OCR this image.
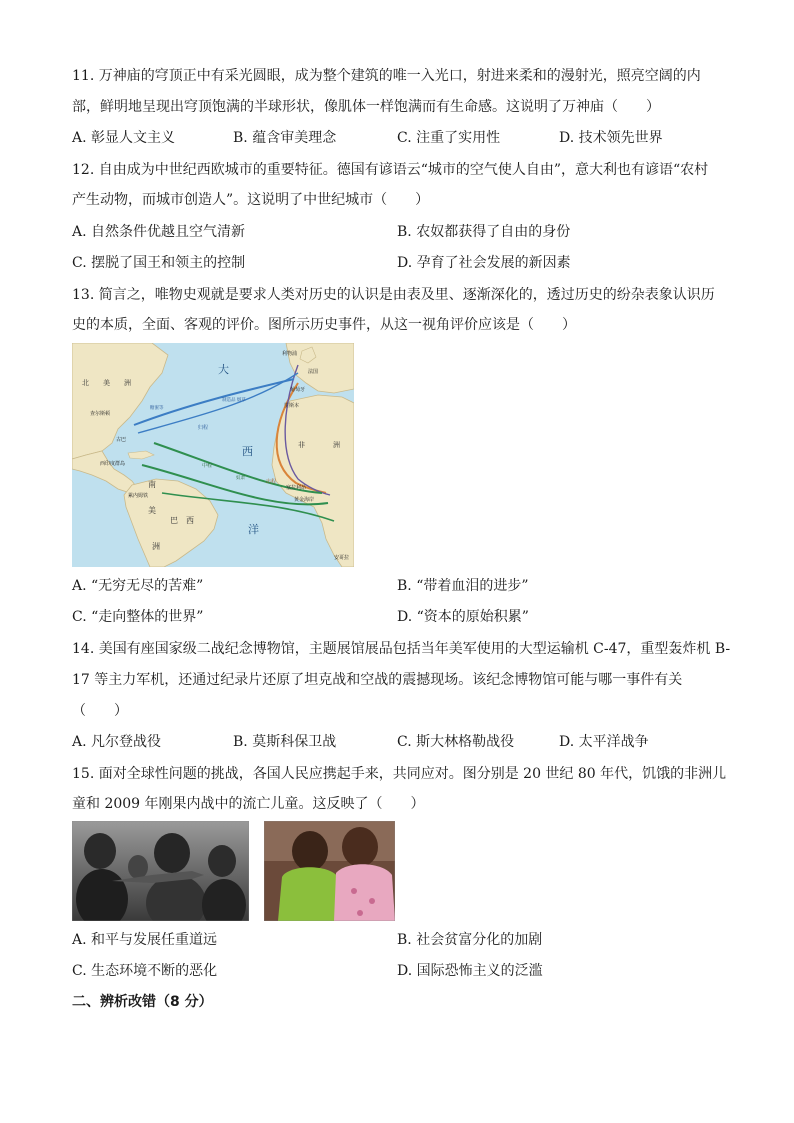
11. 万神庙的穹顶正中有采光圆眼，成为整个建筑的唯一入光口，射进来柔和的漫射光，照亮空阔的内
部，鲜明地呈现出穹顶饱满的半球形状，像肌体一样饱满而有生命感。这说明了万神庙（　　）
A. 彰显人文主义	B. 蕴含审美理念	C. 注重了实用性	D. 技术领先世界
12. 自由成为中世纪西欧城市的重要特征。德国有谚语云“城市的空气使人自由”，意大利也有谚语“农村
产生动物，而城市创造人”。这说明了中世纪城市（　　）
A. 自然条件优越且空气清新	B. 农奴都获得了自由的身份
C. 摆脱了国王和领主的控制	D. 孕育了社会发展的新因素
13. 简言之，唯物史观就是要求人类对历史的认识是由表及里、逐渐深化的，透过历史的纷杂表象认识历
史的本质，全面、客观的评价。图所示历史事件，从这一视角评价应该是（　　）
北　　美　　洲
大
西
洋
非　　　　洲
南
美
洲
巴　西
利物浦
法国
葡萄牙
里斯本
查尔斯顿
古巴
西印度群岛
累内姆铁
塞拉利昂
黄金海岸
安哥拉
归程
中程
出程
糖蜜等
制造品 烟草
奴隶
A. “无穷无尽的苦难”	B. “带着血泪的进步”
C. “走向整体的世界”	D. “资本的原始积累”
14. 美国有座国家级二战纪念博物馆，主题展馆展品包括当年美军使用的大型运输机 C-47，重型轰炸机 B-
17 等主力军机，还通过纪录片还原了坦克战和空战的震撼现场。该纪念博物馆可能与哪一事件有关
（　　）
A. 凡尔登战役	B. 莫斯科保卫战	C. 斯大林格勒战役	D. 太平洋战争
15. 面对全球性问题的挑战，各国人民应携起手来，共同应对。图分别是 20 世纪 80 年代，饥饿的非洲儿
童和 2009 年刚果内战中的流亡儿童。这反映了（　　）
A. 和平与发展任重道远	B. 社会贫富分化的加剧
C. 生态环境不断的恶化	D. 国际恐怖主义的泛滥
二、辨析改错（8 分）
